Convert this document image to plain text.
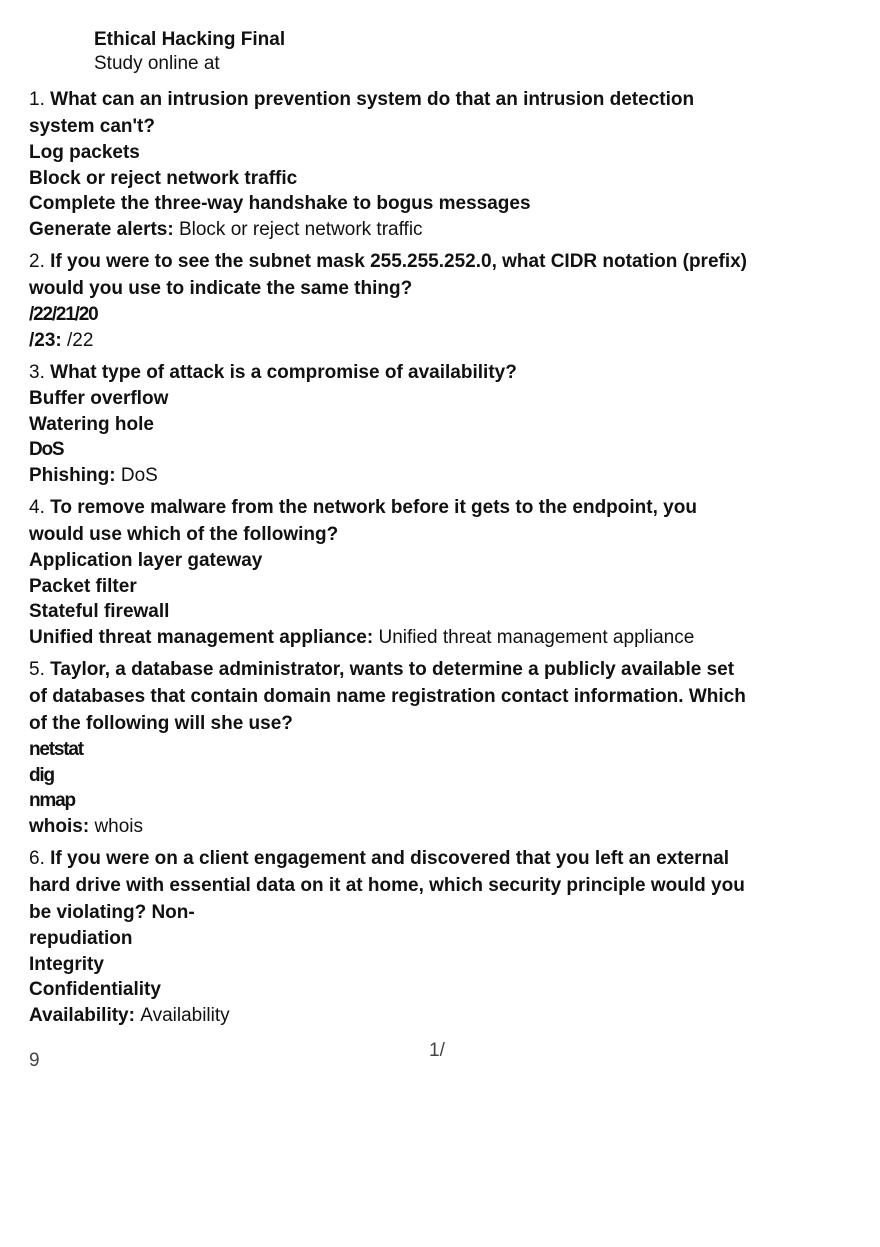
Ethical Hacking Final
Study online at
1. What can an intrusion prevention system do that an intrusion detection system can't?
Log packets
Block or reject network traffic
Complete the three-way handshake to bogus messages
Generate alerts: Block or reject network traffic
2. If you were to see the subnet mask 255.255.252.0, what CIDR notation (prefix) would you use to indicate the same thing?
/22/21/20
/23: /22
3. What type of attack is a compromise of availability?
Buffer overflow
Watering hole
DoS
Phishing: DoS
4. To remove malware from the network before it gets to the endpoint, you would use which of the following?
Application layer gateway
Packet filter
Stateful firewall
Unified threat management appliance: Unified threat management appliance
5. Taylor, a database administrator, wants to determine a publicly available set of databases that contain domain name registration contact information. Which of the following will she use?
netstat
dig
nmap
whois: whois
6. If you were on a client engagement and discovered that you left an external hard drive with essential data on it at home, which security principle would you be violating? Non-
repudiation
Integrity
Confidentiality
Availability: Availability
1/
9
